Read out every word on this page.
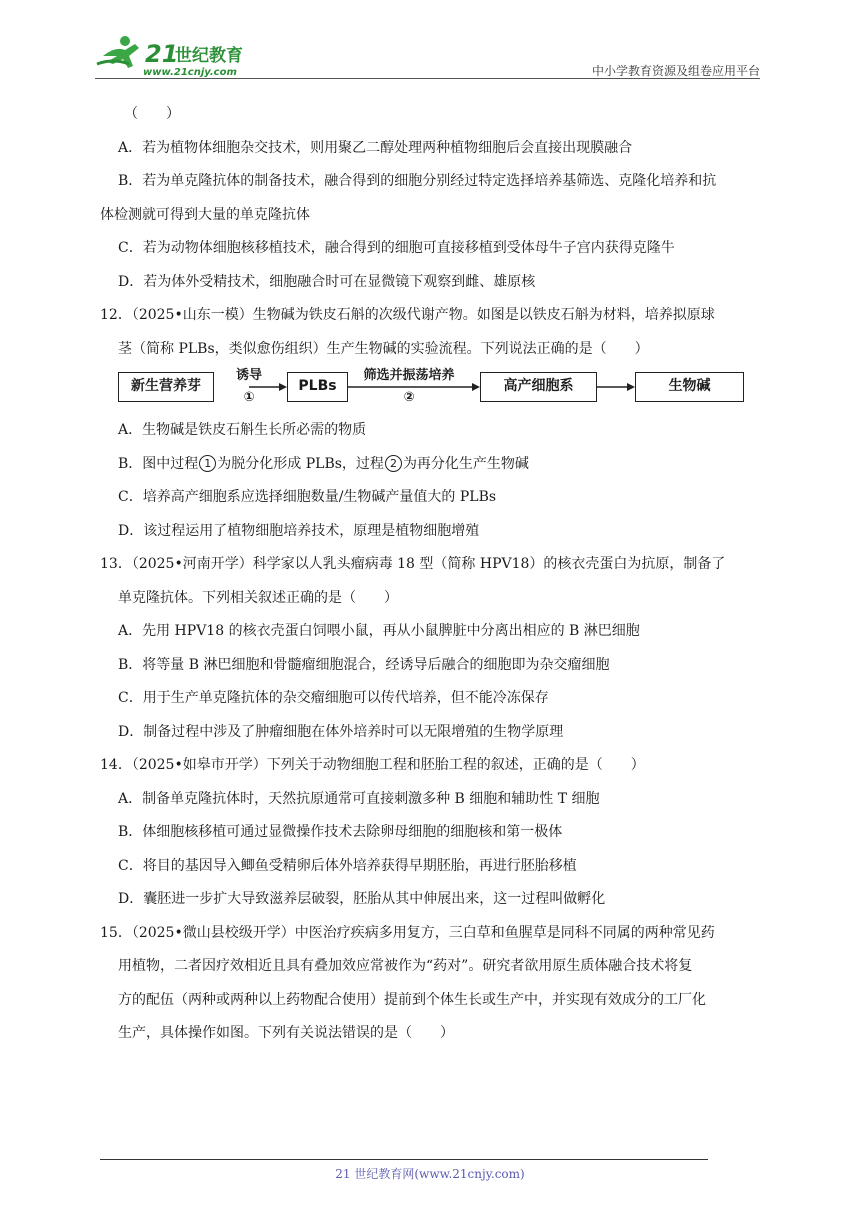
21
世纪教育
www.21cnjy.com	中小学教育资源及组卷应用平台
（　　）
A．若为植物体细胞杂交技术，则用聚乙二醇处理两种植物细胞后会直接出现膜融合
B．若为单克隆抗体的制备技术，融合得到的细胞分别经过特定选择培养基筛选、克隆化培养和抗
体检测就可得到大量的单克隆抗体
C．若为动物体细胞核移植技术，融合得到的细胞可直接移植到受体母牛子宫内获得克隆牛
D．若为体外受精技术，细胞融合时可在显微镜下观察到雌、雄原核
12．（2025•山东一模）生物碱为铁皮石斛的次级代谢产物。如图是以铁皮石斛为材料，培养拟原球
茎（简称 PLBs，类似愈伤组织）生产生物碱的实验流程。下列说法正确的是（　　）
新生营养芽
诱导
①
PLBs
筛选并振荡培养
②
高产细胞系	生物碱
A．生物碱是铁皮石斛生长所必需的物质
B．图中过程 1 为脱分化形成 PLBs，过程 2 为再分化生产生物碱
C．培养高产细胞系应选择细胞数量/生物碱产量值大的 PLBs
D．该过程运用了植物细胞培养技术，原理是植物细胞增殖
13．（2025•河南开学）科学家以人乳头瘤病毒 18 型（简称 HPV18）的核衣壳蛋白为抗原，制备了
单克隆抗体。下列相关叙述正确的是（　　）
A．先用 HPV18 的核衣壳蛋白饲喂小鼠，再从小鼠脾脏中分离出相应的 B 淋巴细胞
B．将等量 B 淋巴细胞和骨髓瘤细胞混合，经诱导后融合的细胞即为杂交瘤细胞
C．用于生产单克隆抗体的杂交瘤细胞可以传代培养，但不能冷冻保存
D．制备过程中涉及了肿瘤细胞在体外培养时可以无限增殖的生物学原理
14．（2025•如皋市开学）下列关于动物细胞工程和胚胎工程的叙述，正确的是（　　）
A．制备单克隆抗体时，天然抗原通常可直接刺激多种 B 细胞和辅助性 T 细胞
B．体细胞核移植可通过显微操作技术去除卵母细胞的细胞核和第一极体
C．将目的基因导入鲫鱼受精卵后体外培养获得早期胚胎，再进行胚胎移植
D．囊胚进一步扩大导致滋养层破裂，胚胎从其中伸展出来，这一过程叫做孵化
15．（2025•微山县校级开学）中医治疗疾病多用复方，三白草和鱼腥草是同科不同属的两种常见药
用植物，二者因疗效相近且具有叠加效应常被作为“药对”。研究者欲用原生质体融合技术将复
方的配伍（两种或两种以上药物配合使用）提前到个体生长或生产中，并实现有效成分的工厂化
生产，具体操作如图。下列有关说法错误的是（　　）
21 世纪教育网(www.21cnjy.com)
